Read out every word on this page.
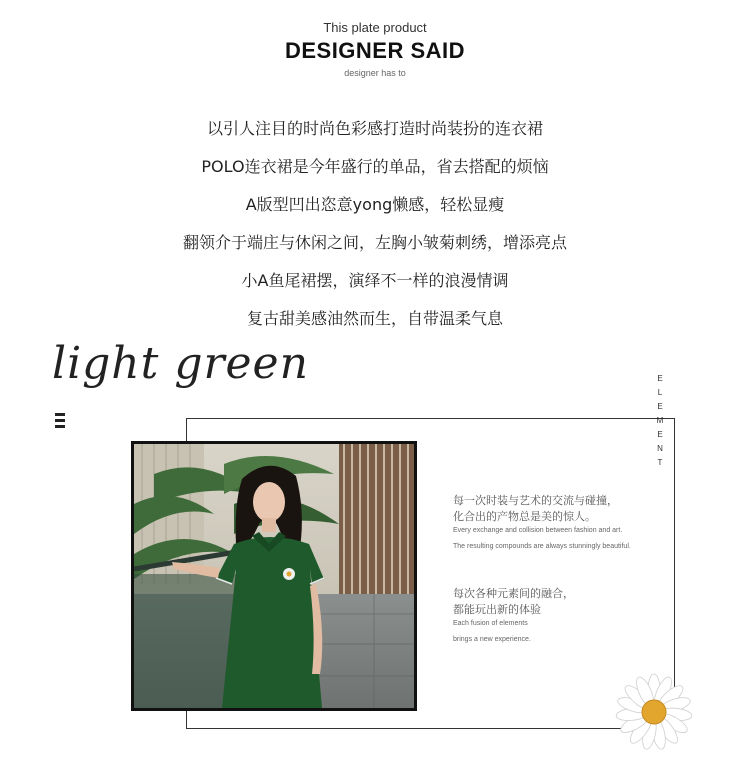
This plate product
DESIGNER SAID
designer has to
以引人注目的时尚色彩感打造时尚装扮的连衣裙
POLO连衣裙是今年盛行的单品，省去搭配的烦恼
A版型凹出恣意yong懒感，轻松显瘦
翻领介于端庄与休闲之间，左胸小皱菊刺绣，增添亮点
小A鱼尾裙摆，演绎不一样的浪漫情调
复古甜美感油然而生，自带温柔气息
light green	E
L
E
M
E
N
T
每一次时装与艺术的交流与碰撞，
化合出的产物总是美的惊人。
Every exchange and collision between fashion and art.
The resulting compounds are always stunningly beautiful.
每次各种元素间的融合，
都能玩出新的体验
Each fusion of elements
brings a new experience.
